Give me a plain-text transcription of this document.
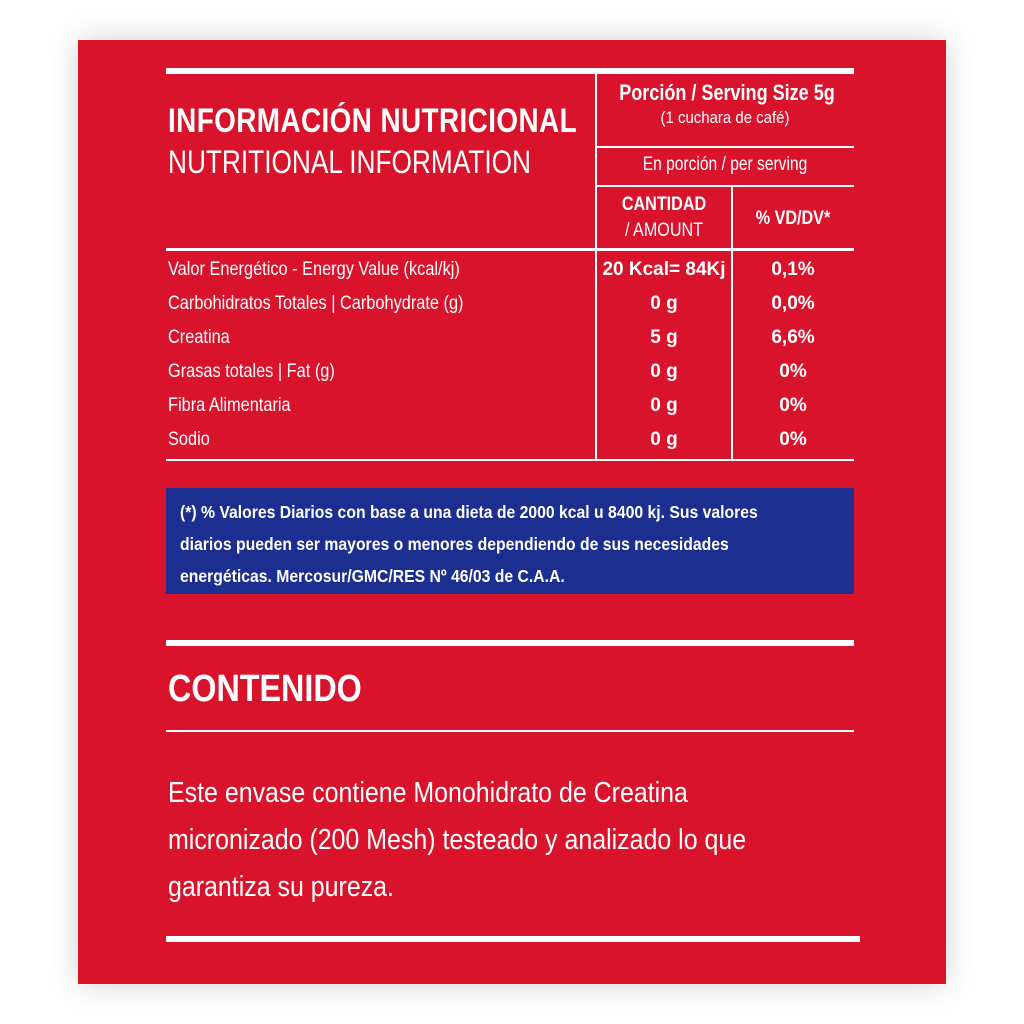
INFORMACIÓN NUTRICIONAL
NUTRITIONAL INFORMATION
Porción / Serving Size 5g
(1 cuchara de café)
En porción / per serving
CANTIDAD
/ AMOUNT
% VD/DV*
Valor Energético - Energy Value (kcal/kj)	20 Kcal= 84Kj	0,1%
Carbohidratos Totales | Carbohydrate (g)	0 g	0,0%
Creatina	5 g	6,6%
Grasas totales | Fat (g)	0 g	0%
Fibra Alimentaria	0 g	0%
Sodio	0 g	0%
(*) % Valores Diarios con base a una dieta de 2000 kcal u 8400 kj. Sus valores
diarios pueden ser mayores o menores dependiendo de sus necesidades
energéticas. Mercosur/GMC/RES Nº 46/03 de C.A.A.
CONTENIDO
Este envase contiene Monohidrato de Creatina
micronizado (200 Mesh) testeado y analizado lo que
garantiza su pureza.
